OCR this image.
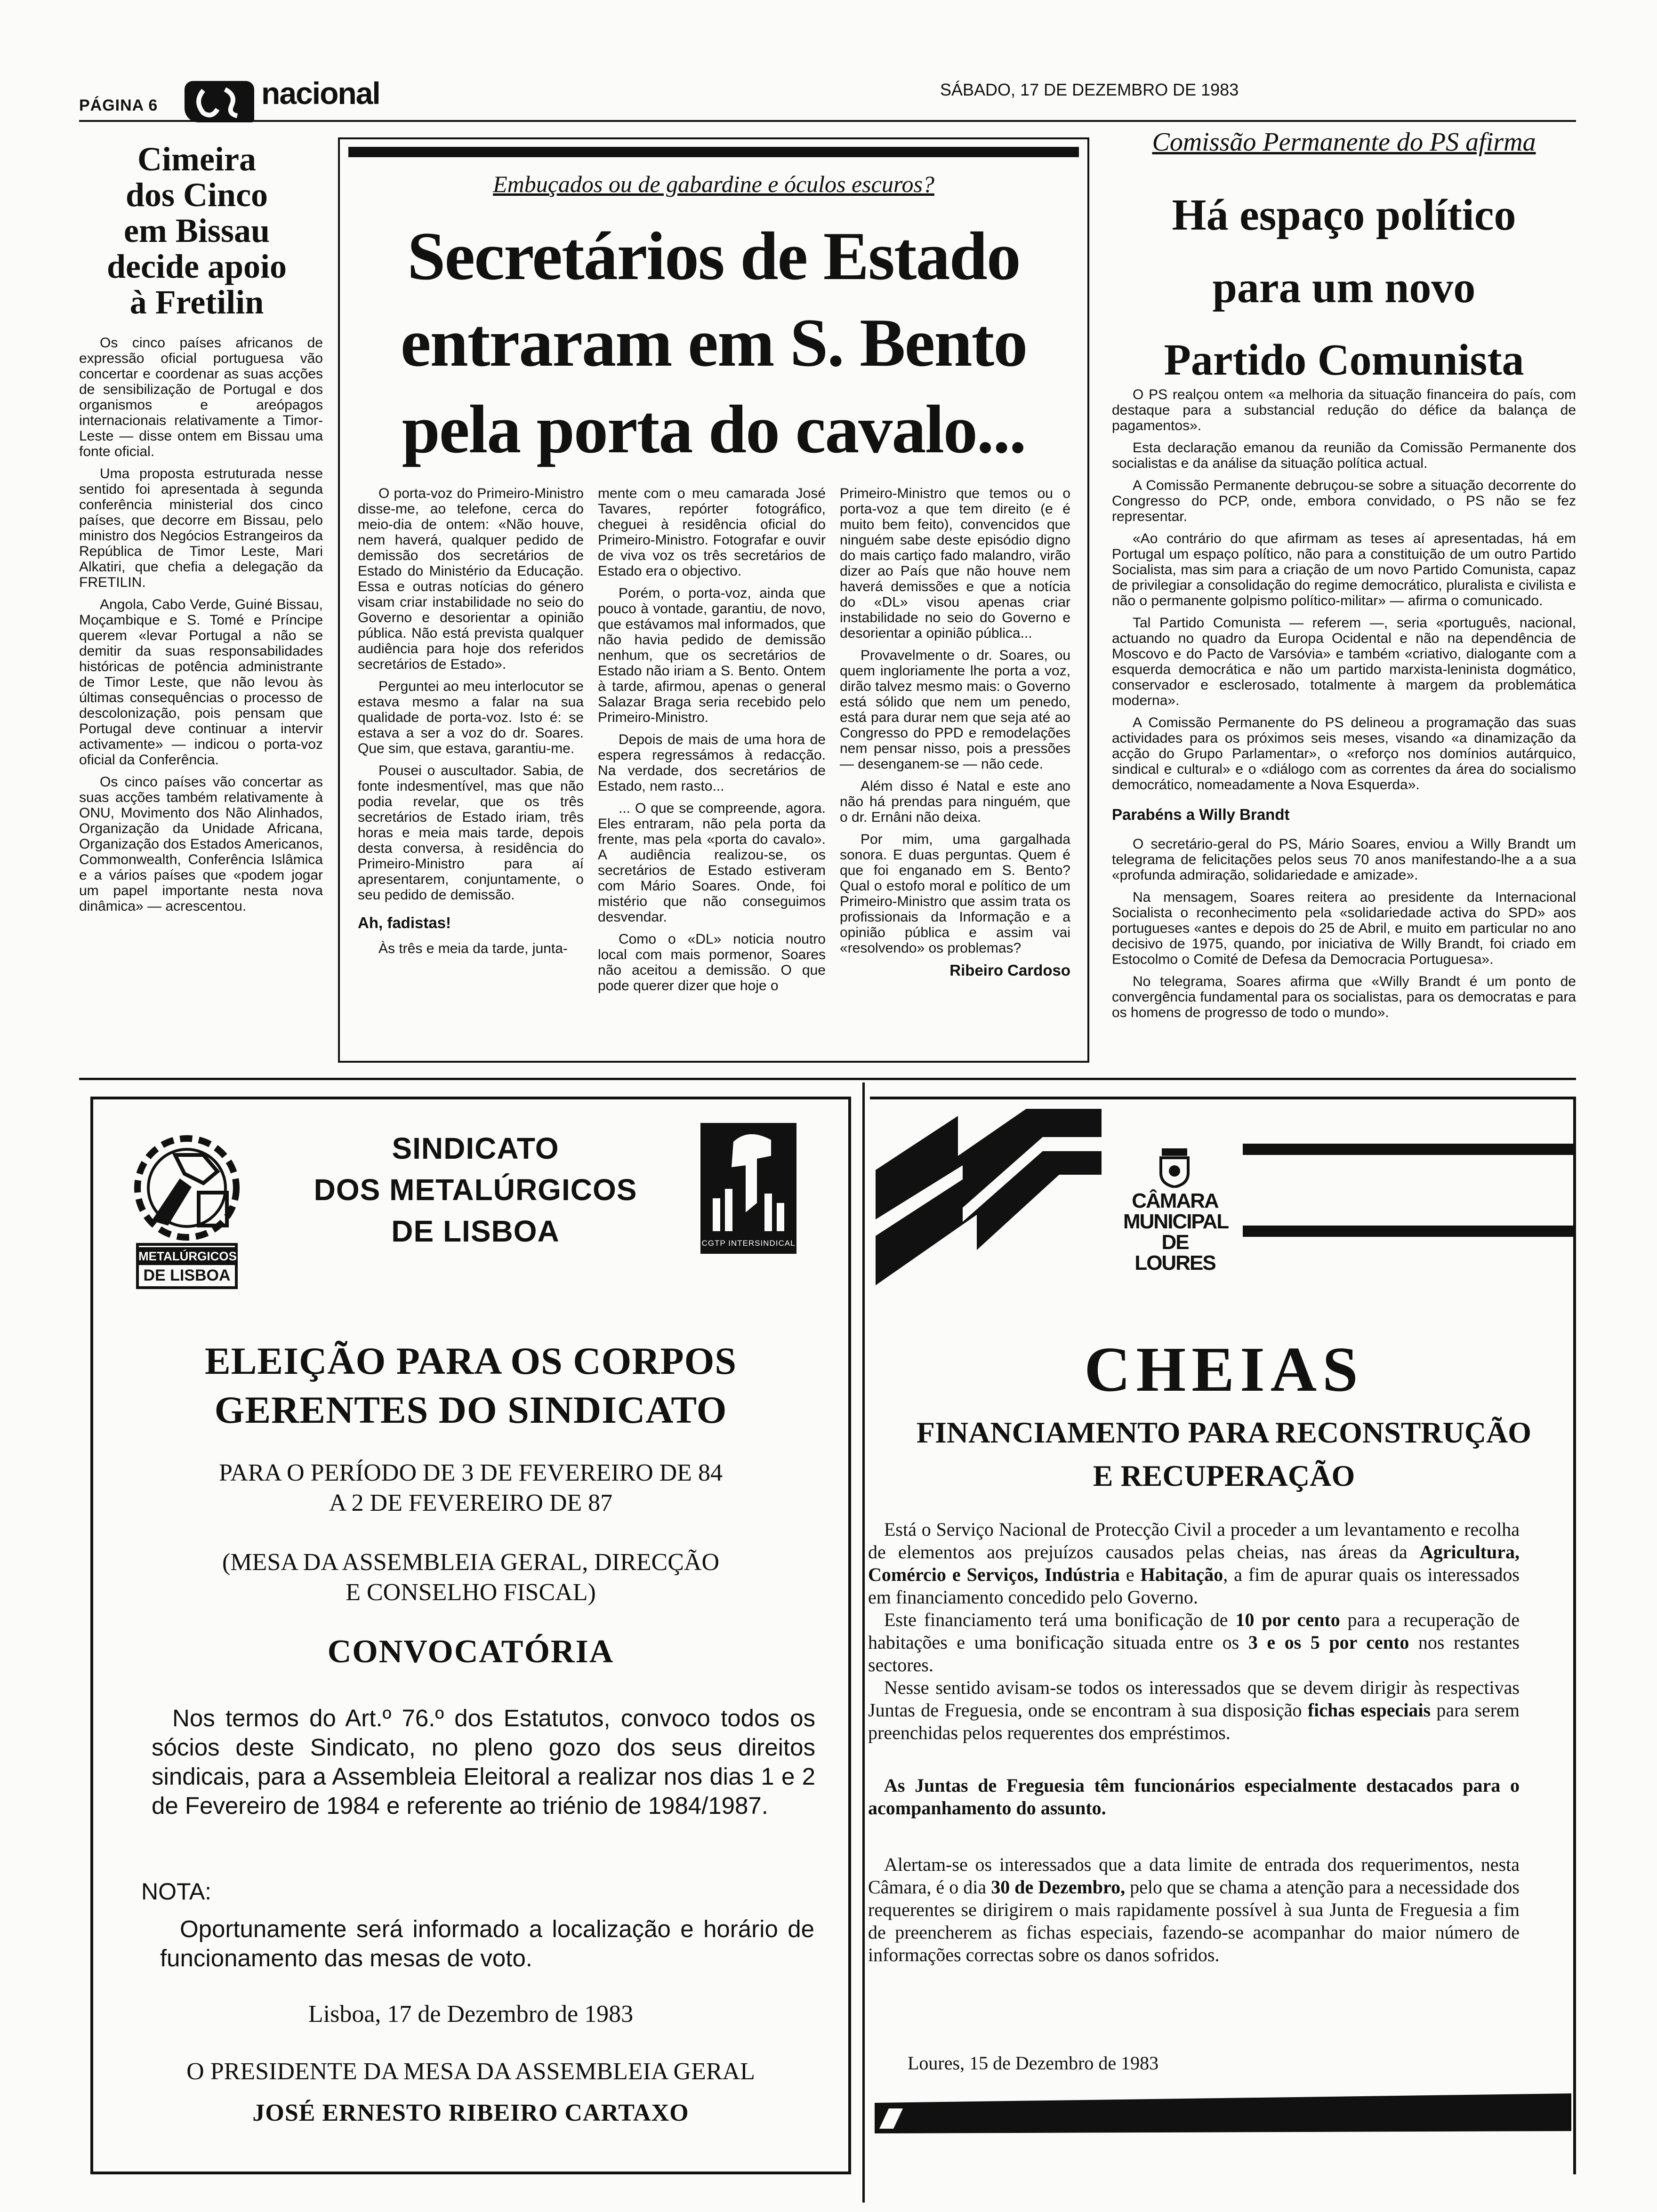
PÁGINA 6	nacional	SÁBADO, 17 DE DEZEMBRO DE 1983
Cimeira
dos Cinco
em Bissau
decide apoio
à Fretilin

Os cinco países africanos de expressão oficial portuguesa vão concertar e coordenar as suas acções de sensibilização de Portugal e dos organismos e areópagos internacionais relativamente a Timor-Leste — disse ontem em Bissau uma fonte oficial.

Uma proposta estruturada nesse sentido foi apresentada à segunda conferência ministerial dos cinco países, que decorre em Bissau, pelo ministro dos Negócios Estrangeiros da República de Timor Leste, Mari Alkatiri, que chefia a delegação da FRETILIN.

Angola, Cabo Verde, Guiné Bissau, Moçambique e S. Tomé e Príncipe querem «levar Portugal a não se demitir da suas responsabilidades históricas de potência administrante de Timor Leste, que não levou às últimas consequências o processo de descolonização, pois pensam que Portugal deve continuar a intervir activamente» — indicou o porta-voz oficial da Conferência.

Os cinco países vão concertar as suas acções também relativamente à ONU, Movimento dos Não Alinhados, Organização da Unidade Africana, Organização dos Estados Americanos, Commonwealth, Conferência Islâmica e a vários países que «podem jogar um papel importante nesta nova dinâmica» — acrescentou.

Embuçados ou de gabardine e óculos escuros?
Secretários de Estado
entraram em S. Bento
pela porta do cavalo...

O porta-voz do Primeiro-Ministro disse-me, ao telefone, cerca do meio-dia de ontem: «Não houve, nem haverá, qualquer pedido de demissão dos secretários de Estado do Ministério da Educação. Essa e outras notícias do género visam criar instabilidade no seio do Governo e desorientar a opinião pública. Não está prevista qualquer audiência para hoje dos referidos secretários de Estado».

Perguntei ao meu interlocutor se estava mesmo a falar na sua qualidade de porta-voz. Isto é: se estava a ser a voz do dr. Soares. Que sim, que estava, garantiu-me.

Pousei o auscultador. Sabia, de fonte indesmentível, mas que não podia revelar, que os três secretários de Estado iriam, três horas e meia mais tarde, depois desta conversa, à residência do Primeiro-Ministro para aí apresentarem, conjuntamente, o seu pedido de demissão.

Ah, fadistas!

Às três e meia da tarde, junta-

mente com o meu camarada José Tavares, repórter fotográfico, cheguei à residência oficial do Primeiro-Ministro. Fotografar e ouvir de viva voz os três secretários de Estado era o objectivo.

Porém, o porta-voz, ainda que pouco à vontade, garantiu, de novo, que estávamos mal informados, que não havia pedido de demissão nenhum, que os secretários de Estado não iriam a S. Bento. Ontem à tarde, afirmou, apenas o general Salazar Braga seria recebido pelo Primeiro-Ministro.

Depois de mais de uma hora de espera regressámos à redacção. Na verdade, dos secretários de Estado, nem rasto...

... O que se compreende, agora. Eles entraram, não pela porta da frente, mas pela «porta do cavalo». A audiência realizou-se, os secretários de Estado estiveram com Mário Soares. Onde, foi mistério que não conseguimos desvendar.

Como o «DL» noticia noutro local com mais pormenor, Soares não aceitou a demissão. O que pode querer dizer que hoje o

Primeiro-Ministro que temos ou o porta-voz a que tem direito (e é muito bem feito), convencidos que ninguém sabe deste episódio digno do mais cartiço fado malandro, virão dizer ao País que não houve nem haverá demissões e que a notícia do «DL» visou apenas criar instabilidade no seio do Governo e desorientar a opinião pública...

Provavelmente o dr. Soares, ou quem ingloriamente lhe porta a voz, dirão talvez mesmo mais: o Governo está sólido que nem um penedo, está para durar nem que seja até ao Congresso do PPD e remodelações nem pensar nisso, pois a pressões — desenganem-se — não cede.

Além disso é Natal e este ano não há prendas para ninguém, que o dr. Ernâni não deixa.

Por mim, uma gargalhada sonora. E duas perguntas. Quem é que foi enganado em S. Bento? Qual o estofo moral e político de um Primeiro-Ministro que assim trata os profissionais da Informação e a opinião pública e assim vai «resolvendo» os problemas?

Ribeiro Cardoso

Comissão Permanente do PS afirma
Há espaço político
para um novo
Partido Comunista

O PS realçou ontem «a melhoria da situação financeira do país, com destaque para a substancial redução do défice da balança de pagamentos».

Esta declaração emanou da reunião da Comissão Permanente dos socialistas e da análise da situação política actual.

A Comissão Permanente debruçou-se sobre a situação decorrente do Congresso do PCP, onde, embora convidado, o PS não se fez representar.

«Ao contrário do que afirmam as teses aí apresentadas, há em Portugal um espaço político, não para a constituição de um outro Partido Socialista, mas sim para a criação de um novo Partido Comunista, capaz de privilegiar a consolidação do regime democrático, pluralista e civilista e não o permanente golpismo político-militar» — afirma o comunicado.

Tal Partido Comunista — referem —, seria «português, nacional, actuando no quadro da Europa Ocidental e não na dependência de Moscovo e do Pacto de Varsóvia» e também «criativo, dialogante com a esquerda democrática e não um partido marxista-leninista dogmático, conservador e esclerosado, totalmente à margem da problemática moderna».

A Comissão Permanente do PS delineou a programação das suas actividades para os próximos seis meses, visando «a dinamização da acção do Grupo Parlamentar», o «reforço nos domínios autárquico, sindical e cultural» e o «diálogo com as correntes da área do socialismo democrático, nomeadamente a Nova Esquerda».

Parabéns a Willy Brandt

O secretário-geral do PS, Mário Soares, enviou a Willy Brandt um telegrama de felicitações pelos seus 70 anos manifestando-lhe a a sua «profunda admiração, solidariedade e amizade».

Na mensagem, Soares reitera ao presidente da Internacional Socialista o reconhecimento pela «solidariedade activa do SPD» aos portugueses «antes e depois do 25 de Abril, e muito em particular no ano decisivo de 1975, quando, por iniciativa de Willy Brandt, foi criado em Estocolmo o Comité de Defesa da Democracia Portuguesa».

No telegrama, Soares afirma que «Willy Brandt é um ponto de convergência fundamental para os socialistas, para os democratas e para os homens de progresso de todo o mundo».

METALÚRGICOS
DE LISBOA
SINDICATO
DOS METALÚRGICOS
DE LISBOA	CGTP INTERSINDICAL
ELEIÇÃO PARA OS CORPOS
GERENTES DO SINDICATO
PARA O PERÍODO DE 3 DE FEVEREIRO DE 84
A 2 DE FEVEREIRO DE 87
(MESA DA ASSEMBLEIA GERAL, DIRECÇÃO
E CONSELHO FISCAL)
CONVOCATÓRIA

Nos termos do Art.º 76.º dos Estatutos, convoco todos os sócios deste Sindicato, no pleno gozo dos seus direitos sindicais, para a Assembleia Eleitoral a realizar nos dias 1 e 2 de Fevereiro de 1984 e referente ao triénio de 1984/1987.

NOTA:

Oportunamente será informado a localização e horário de funcionamento das mesas de voto.

Lisboa, 17 de Dezembro de 1983
O PRESIDENTE DA MESA DA ASSEMBLEIA GERAL
JOSÉ ERNESTO RIBEIRO CARTAXO
CÂMARA
MUNICIPAL
DE LOURES
CHEIAS
FINANCIAMENTO PARA RECONSTRUÇÃO
E RECUPERAÇÃO

Está o Serviço Nacional de Protecção Civil a proceder a um levantamento e recolha de elementos aos prejuízos causados pelas cheias, nas áreas da Agricultura, Comércio e Serviços, Indústria e Habitação, a fim de apurar quais os interessados em financiamento concedido pelo Governo.

Este financiamento terá uma bonificação de 10 por cento para a recuperação de habitações e uma bonificação situada entre os 3 e os 5 por cento nos restantes sectores.

Nesse sentido avisam-se todos os interessados que se devem dirigir às respectivas Juntas de Freguesia, onde se encontram à sua disposição fichas especiais para serem preenchidas pelos requerentes dos empréstimos.

As Juntas de Freguesia têm funcionários especialmente destacados para o acompanhamento do assunto.

Alertam-se os interessados que a data limite de entrada dos requerimentos, nesta Câmara, é o dia 30 de Dezembro, pelo que se chama a atenção para a necessidade dos requerentes se dirigirem o mais rapidamente possível à sua Junta de Freguesia a fim de preencherem as fichas especiais, fazendo-se acompanhar do maior número de informações correctas sobre os danos sofridos.

Loures, 15 de Dezembro de 1983
